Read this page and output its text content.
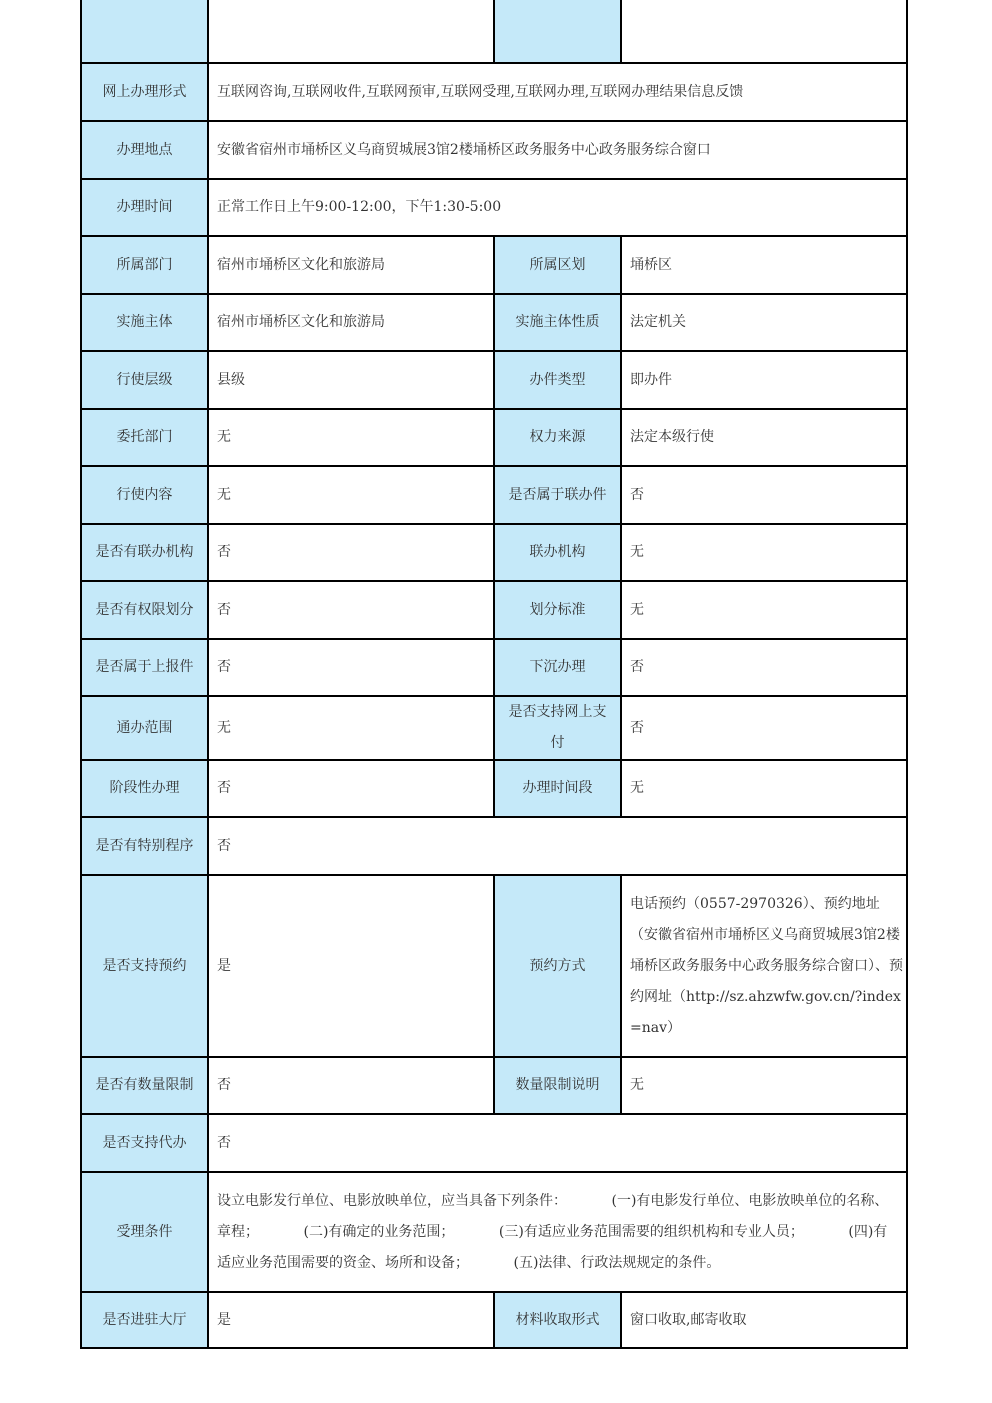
网上办理形式	互联网咨询,互联网收件,互联网预审,互联网受理,互联网办理,互联网办理结果信息反馈		
办理地点	安徽省宿州市埇桥区义乌商贸城展3馆2楼埇桥区政务服务中心政务服务综合窗口		
办理时间	正常工作日上午9:00-12:00，下午1:30-5:00		
所属部门	宿州市埇桥区文化和旅游局	所属区划	埇桥区
实施主体	宿州市埇桥区文化和旅游局	实施主体性质	法定机关
行使层级	县级	办件类型	即办件
委托部门	无	权力来源	法定本级行使
行使内容	无	是否属于联办件	否
是否有联办机构	否	联办机构	无
是否有权限划分	否	划分标准	无
是否属于上报件	否	下沉办理	否
通办范围	无	是否支持网上支付	否
阶段性办理	否	办理时间段	无
是否有特别程序	否		
是否支持预约	是	预约方式	电话预约（0557-2970326）、预约地址（安徽省宿州市埇桥区义乌商贸城展3馆2楼埇桥区政务服务中心政务服务综合窗口）、预约网址（http://sz.ahzwfw.gov.cn/?index=nav）
是否有数量限制	否	数量限制说明	无
是否支持代办	否		
受理条件	设立电影发行单位、电影放映单位，应当具备下列条件：          (一)有电影发行单位、电影放映单位的名称、章程；          (二)有确定的业务范围；          (三)有适应业务范围需要的组织机构和专业人员；          (四)有适应业务范围需要的资金、场所和设备；          (五)法律、行政法规规定的条件。		
是否进驻大厅	是	材料收取形式	窗口收取,邮寄收取
